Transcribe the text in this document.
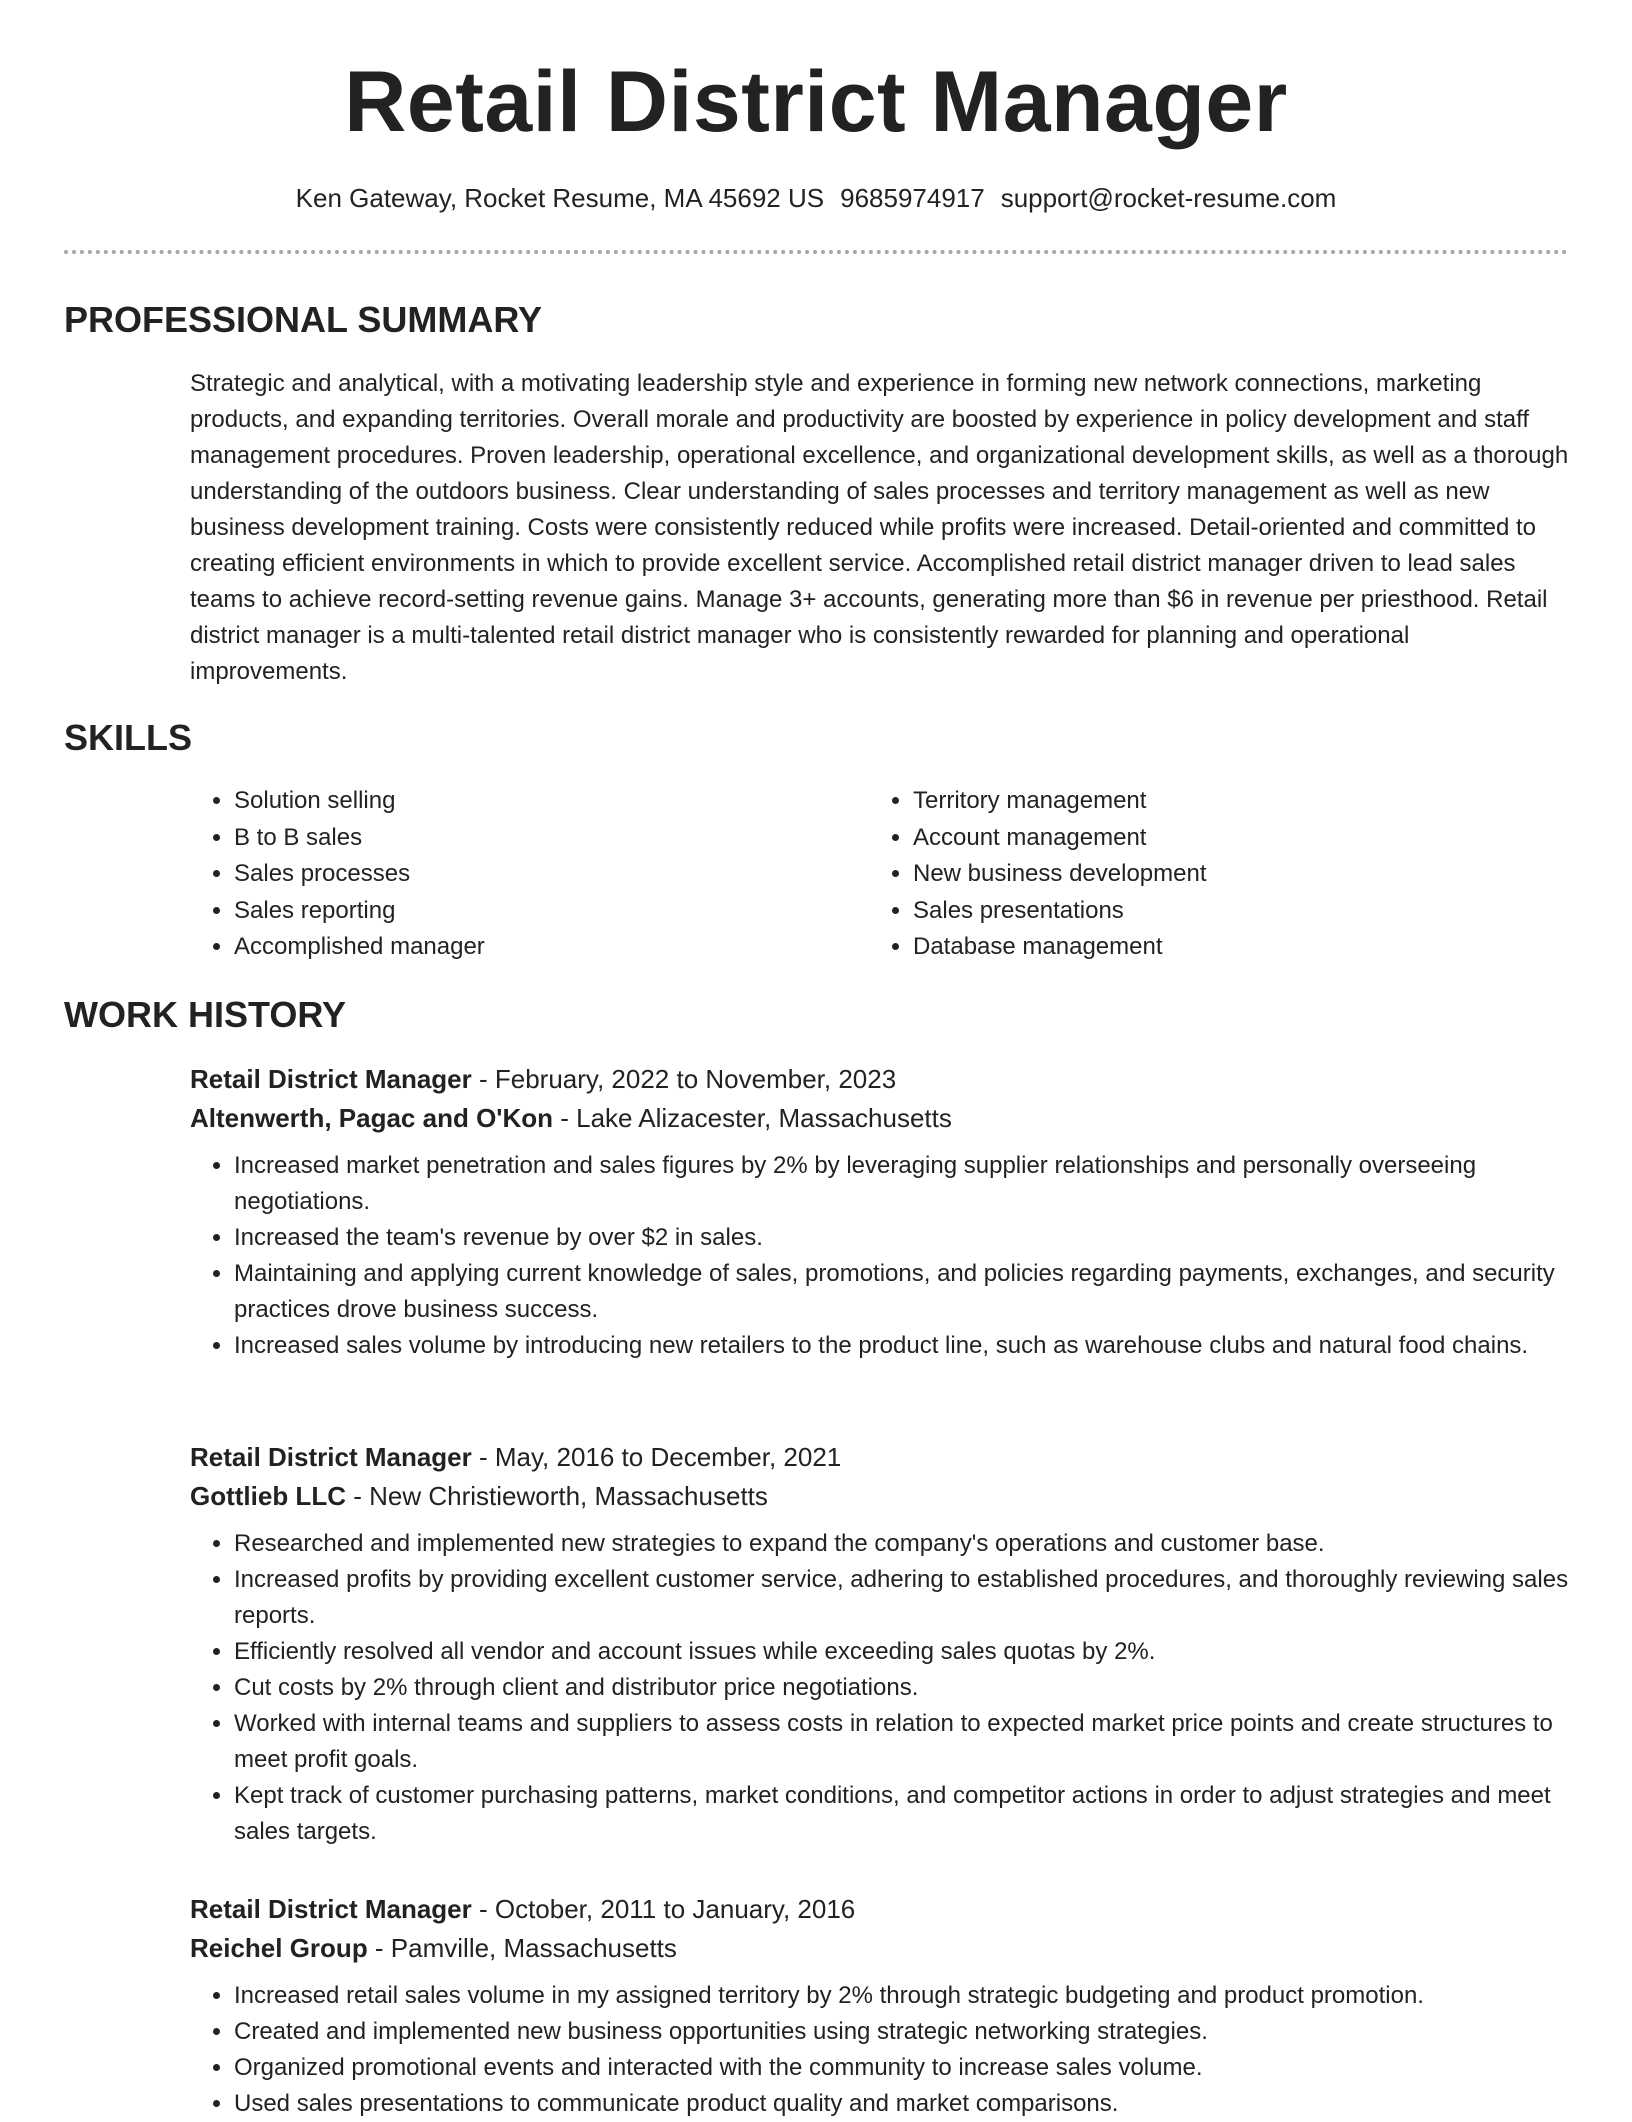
Retail District Manager
Ken Gateway, Rocket Resume, MA 45692 US 9685974917 support@rocket-resume.com
PROFESSIONAL SUMMARY

Strategic and analytical, with a motivating leadership style and experience in forming new network connections, marketing products, and expanding territories. Overall morale and productivity are boosted by experience in policy development and staff management procedures. Proven leadership, operational excellence, and organizational development skills, as well as a thorough understanding of the outdoors business. Clear understanding of sales processes and territory management as well as new business development training. Costs were consistently reduced while profits were increased. Detail-oriented and committed to creating efficient environments in which to provide excellent service. Accomplished retail district manager driven to lead sales teams to achieve record-setting revenue gains. Manage 3+ accounts, generating more than $6 in revenue per priesthood. Retail district manager is a multi-talented retail district manager who is consistently rewarded for planning and operational improvements.

SKILLS
• Solution selling
• B to B sales
• Sales processes
• Sales reporting
• Accomplished manager
• Territory management
• Account management
• New business development
• Sales presentations
• Database management
WORK HISTORY
Retail District Manager - February, 2022 to November, 2023
Altenwerth, Pagac and O'Kon - Lake Alizacester, Massachusetts
• Increased market penetration and sales figures by 2% by leveraging supplier relationships and personally overseeing negotiations.
• Increased the team's revenue by over $2 in sales.
• Maintaining and applying current knowledge of sales, promotions, and policies regarding payments, exchanges, and security practices drove business success.
• Increased sales volume by introducing new retailers to the product line, such as warehouse clubs and natural food chains.
Retail District Manager - May, 2016 to December, 2021
Gottlieb LLC - New Christieworth, Massachusetts
• Researched and implemented new strategies to expand the company's operations and customer base.
• Increased profits by providing excellent customer service, adhering to established procedures, and thoroughly reviewing sales reports.
• Efficiently resolved all vendor and account issues while exceeding sales quotas by 2%.
• Cut costs by 2% through client and distributor price negotiations.
• Worked with internal teams and suppliers to assess costs in relation to expected market price points and create structures to meet profit goals.
• Kept track of customer purchasing patterns, market conditions, and competitor actions in order to adjust strategies and meet sales targets.
Retail District Manager - October, 2011 to January, 2016
Reichel Group - Pamville, Massachusetts
• Increased retail sales volume in my assigned territory by 2% through strategic budgeting and product promotion.
• Created and implemented new business opportunities using strategic networking strategies.
• Organized promotional events and interacted with the community to increase sales volume.
• Used sales presentations to communicate product quality and market comparisons.
